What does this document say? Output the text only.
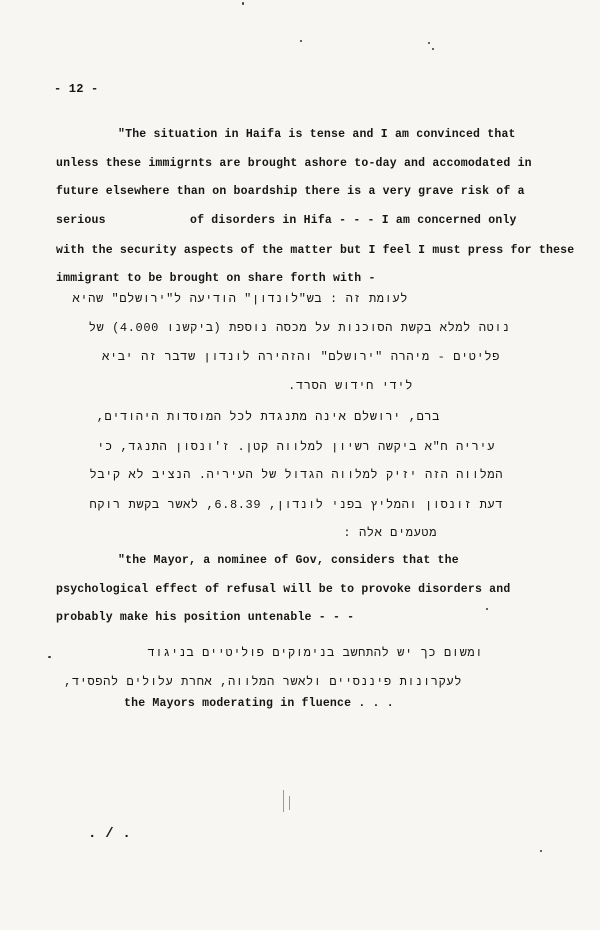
- 12 -
"The situation in Haifa is tense and I am convinced that
unless these immigrnts are brought ashore to-day and accomodated in
future elsewhere than on boardship there is a very grave risk of a
serious	of disorders in Hifa - - - I am concerned only
with the security aspects of the matter but I feel I must press for these
immigrant to be brought on share forth with -
לעומת זה : בש"לונדון" הודיעה ל"ירושלם" שהיא
נוטה למלא בקשת הסוכנות על מכסה נוספת (ביקשנו 4.000) של
פליטים - מיהרה "ירושלם" והזהירה לונדון שדבר זה יביא
לידי חידוש הסרד.
ברם, ירושלם אינה מתנגדת לכל המוסדות היהודים,
עיריה ח"א ביקשה רשיון למלווה קטן. ז'ונסון התנגד, כי
המלווה הזה יזיק למלווה הגדול של העיריה. הנציב לא קיבל
דעת זונסון והמליץ בפני לונדון, 6.8.39, לאשר בקשת רוקח
מטעמים אלה :
"the Mayor, a nominee of Gov, considers that the
psychological effect of refusal will be to provoke disorders and
probably make his position untenable - - -
ומשום כך יש להתחשב בנימוקים פוליטיים בניגוד
לעקרונות פיננסיים ולאשר המלווה, אחרת עלולים להפסיד,
the Mayors moderating in fluence . . .
. / .
